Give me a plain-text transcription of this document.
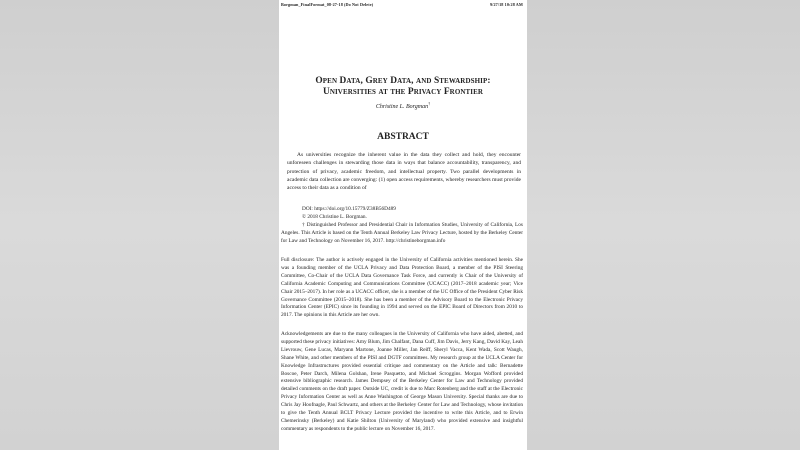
Borgman_FinalFormat_08-27-18 (Do Not Delete)	9/27/18 10:28 AM
Open Data, Grey Data, and Stewardship:
Universities at the Privacy Frontier
Christine L. Borgman†
ABSTRACT

As universities recognize the inherent value in the data they collect and hold, they encounter unforeseen challenges in stewarding those data in ways that balance accountability, transparency, and protection of privacy, academic freedom, and intellectual property. Two parallel developments in academic data collection are converging: (1) open access requirements, whereby researchers must provide access to their data as a condition of

DOI: https://doi.org/10.15779/Z38B56D489
© 2018 Christine L. Borgman.

† Distinguished Professor and Presidential Chair in Information Studies, University of California, Los Angeles. This Article is based on the Tenth Annual Berkeley Law Privacy Lecture, hosted by the Berkeley Center for Law and Technology on November 16, 2017. http://christineborgman.info

Full disclosure: The author is actively engaged in the University of California activities mentioned herein. She was a founding member of the UCLA Privacy and Data Protection Board, a member of the PISI Steering Committee, Co-Chair of the UCLA Data Governance Task Force, and currently is Chair of the University of California Academic Computing and Communications Committee (UCACC) (2017–2018 academic year; Vice Chair 2015–2017). In her role as a UCACC officer, she is a member of the UC Office of the President Cyber Risk Governance Committee (2015–2018). She has been a member of the Advisory Board to the Electronic Privacy Information Center (EPIC) since its founding in 1994 and served on the EPIC Board of Directors from 2010 to 2017. The opinions in this Article are her own.

Acknowledgements are due to the many colleagues in the University of California who have aided, abetted, and supported these privacy initiatives: Amy Blum, Jim Chalfant, Dana Cuff, Jim Davis, Jerry Kang, David Kay, Leah Lievrouw, Gene Lucas, Maryann Martone, Joanne Miller, Jan Reiff, Sheryl Vacca, Kent Wada, Scott Waugh, Shane White, and other members of the PISI and DGTF committees. My research group at the UCLA Center for Knowledge Infrastructures provided essential critique and commentary on the Article and talk: Bernadette Boscoe, Peter Darch, Milena Golshan, Irene Pasquetto, and Michael Scroggins. Morgan Wofford provided extensive bibliographic research. James Dempsey of the Berkeley Center for Law and Technology provided detailed comments on the draft paper. Outside UC, credit is due to Marc Rotenberg and the staff at the Electronic Privacy Information Center as well as Anne Washington of George Mason University. Special thanks are due to Chris Jay Hoofnagle, Paul Schwartz, and others at the Berkeley Center for Law and Technology, whose invitation to give the Tenth Annual BCLT Privacy Lecture provided the incentive to write this Article, and to Erwin Chemerinsky (Berkeley) and Katie Shilton (University of Maryland) who provided extensive and insightful commentary as respondents to the public lecture on November 16, 2017.
